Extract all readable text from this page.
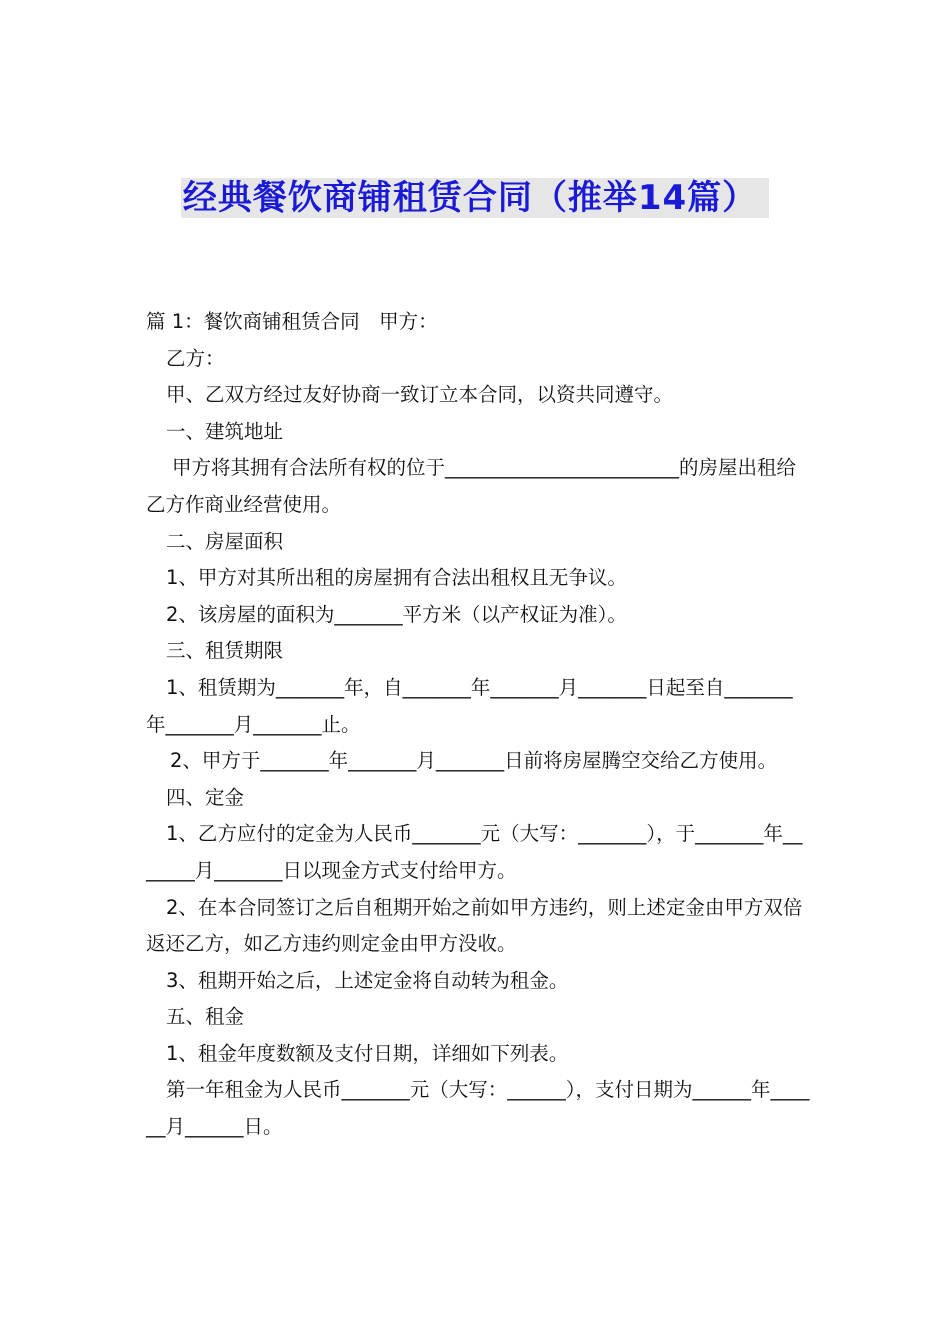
经典餐饮商铺租赁合同（推举14篇）

篇 1：餐饮商铺租赁合同　甲方：

乙方：

甲、乙双方经过友好协商一致订立本合同，以资共同遵守。

一、建筑地址

甲方将其拥有合法所有权的位于________________________的房屋出租给乙方作商业经营使用。

二、房屋面积

1、甲方对其所出租的房屋拥有合法出租权且无争议。

2、该房屋的面积为_______平方米（以产权证为准）。

三、租赁期限

1、租赁期为_______年，自_______年_______月_______日起至自_______年_______月_______止。

2、甲方于_______年_______月_______日前将房屋腾空交给乙方使用。

四、定金

1、乙方应付的定金为人民币_______元（大写：_______），于_______年_______月_______日以现金方式支付给甲方。

2、在本合同签订之后自租期开始之前如甲方违约，则上述定金由甲方双倍返还乙方，如乙方违约则定金由甲方没收。

3、租期开始之后，上述定金将自动转为租金。

五、租金

1、租金年度数额及支付日期，详细如下列表。

第一年租金为人民币_______元（大写：______），支付日期为______年______月______日。
